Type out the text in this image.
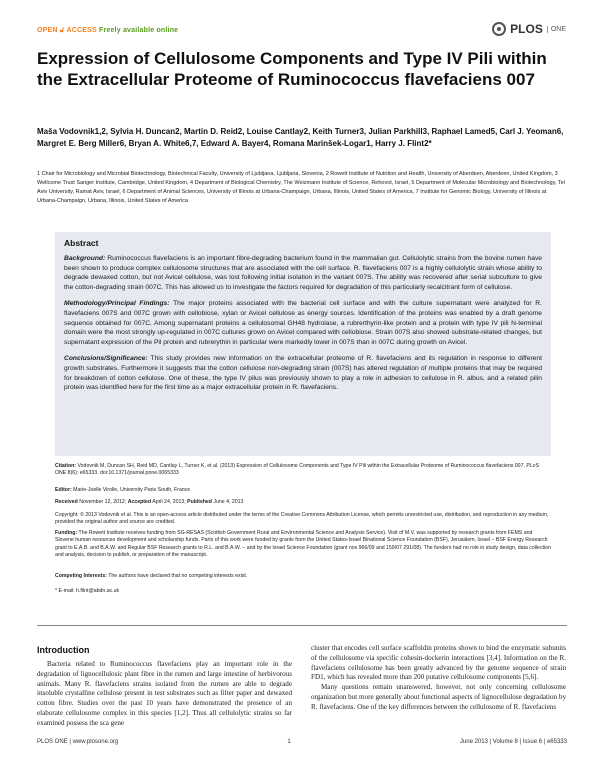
OPEN 🔓︎ ACCESS Freely available online	PLOS	ONE
Expression of Cellulosome Components and Type IV Pili within the Extracellular Proteome of Ruminococcus flavefaciens 007
Maša Vodovnik1,2, Sylvia H. Duncan2, Martin D. Reid2, Louise Cantlay2, Keith Turner3, Julian Parkhill3, Raphael Lamed5, Carl J. Yeoman6, Margret E. Berg Miller6, Bryan A. White6,7, Edward A. Bayer4, Romana Marinšek-Logar1, Harry J. Flint2*
1 Chair for Microbiology and Microbial Biotechnology, Biotechnical Faculty, University of Ljubljana, Ljubljana, Slovenia, 2 Rowett Institute of Nutrition and Health, University of Aberdeen, Aberdeen, United Kingdom, 3 Wellcome Trust Sanger Institute, Cambridge, United Kingdom, 4 Department of Biological Chemistry, The Weizmann Institute of Science, Rehovot, Israel, 5 Department of Molecular Microbiology and Biotechnology, Tel Aviv University, Ramat Aviv, Israel, 6 Department of Animal Sciences, University of Illinois at Urbana-Champaign, Urbana, Illinois, United States of America, 7 Institute for Genomic Biology, University of Illinois at Urbana-Champaign, Urbana, Illinois, United States of America
Abstract

Background: Ruminococcus flavefaciens is an important fibre-degrading bacterium found in the mammalian gut. Cellulolytic strains from the bovine rumen have been shown to produce complex cellulosome structures that are associated with the cell surface. R. flavefaciens 007 is a highly cellulolytic strain whose ability to degrade dewaxed cotton, but not Avicel cellulose, was lost following initial isolation in the variant 007S. The ability was recovered after serial subculture to give the cotton-degrading strain 007C. This has allowed us to investigate the factors required for degradation of this particularly recalcitrant form of cellulose.

Methodology/Principal Findings: The major proteins associated with the bacterial cell surface and with the culture supernatant were analyzed for R. flavefaciens 007S and 007C grown with cellobiose, xylan or Avicel cellulose as energy sources. Identification of the proteins was enabled by a draft genome sequence obtained for 007C. Among supernatant proteins a cellulosomal GH48 hydrolase, a rubrerthyrin-like protein and a protein with type IV pili N-terminal domain were the most strongly up-regulated in 007C cultures grown on Avicel compared with cellobiose. Strain 007S also showed substrate-related changes, but supernatant expression of the Pil protein and rubrerythin in particular were markedly lower in 007S than in 007C during growth on Avicel.

Conclusions/Significance: This study provides new information on the extracellular proteome of R. flavefaciens and its regulation in response to different growth substrates. Furthermore it suggests that the cotton cellulose non-degrading strain (007S) has altered regulation of multiple proteins that may be required for breakdown of cotton cellulose. One of these, the type IV pilus was previously shown to play a role in adhesion to cellulose in R. albus, and a related pilin protein was identified here for the first time as a major extracellular protein in R. flavefaciens.

Citation: Vodovnik M, Duncan SH, Reid MD, Cantlay L, Turner K, et al. (2013) Expression of Cellulosome Components and Type IV Pili within the Extracellular Proteome of Ruminococcus flavefaciens 007. PLoS ONE 8(6): e65333. doi:10.1371/journal.pone.0065333
Editor: Marie-Joelle Virolle, University Paris South, France
Received November 12, 2012; Accepted April 24, 2013; Published June 4, 2013
Copyright: © 2013 Vodovnik et al. This is an open-access article distributed under the terms of the Creative Commons Attribution License, which permits unrestricted use, distribution, and reproduction in any medium, provided the original author and source are credited.
Funding: The Rowett Institute receives funding from SG-RESAS (Scottish Government Rural and Environmental Science and Analysis Service). Visit of M.V. was supported by research grants from FEMS and Slovene human resources development and scholarship funds. Parts of this work were funded by grants from the United States-Israel Binational Science Foundation (BSF), Jerusalem, Israel – BSF Energy Research grant to E.A.B. and B.A.W. and Regular BSF Research grants to R.L. and B.A.W. – and by the Israel Science Foundation (grant nos 966/09 and 159/07 291/08). The funders had no role in study design, data collection and analysis, decision to publish, or preparation of the manuscript.
Competing Interests: The authors have declared that no competing interests exist.
* E-mail: h.flint@abdn.ac.uk
Introduction
Bacteria related to Ruminococcus flavefaciens play an important role in the degradation of lignocellulosic plant fibre in the rumen and large intestine of herbivorous animals. Many R. flavefaciens strains isolated from the rumen are able to degrade insoluble crystalline cellulose present in test substrates such as filter paper and dewaxed cotton fibre. Studies over the past 10 years have demonstrated the presence of an elaborate cellulosome complex in this species [1,2]. Thus all cellulolytic strains so far examined possess the sca gene

cluster that encodes cell surface scaffoldin proteins shown to bind the enzymatic subunits of the cellulosome via specific cohesin-dockerin interactions [3,4]. Information on the R. flavefaciens cellulosome has been greatly advanced by the genome sequence of strain FD1, which has revealed more than 200 putative cellulosome components [5,6].

Many questions remain unanswered, however, not only concerning cellulosome organization but more generally about functional aspects of lignocellulose degradation by R. flavefaciens. One of the key differences between the cellulosome of R. flavefaciens

PLOS ONE | www.plosone.org	1	June 2013 | Volume 8 | Issue 6 | e65333
